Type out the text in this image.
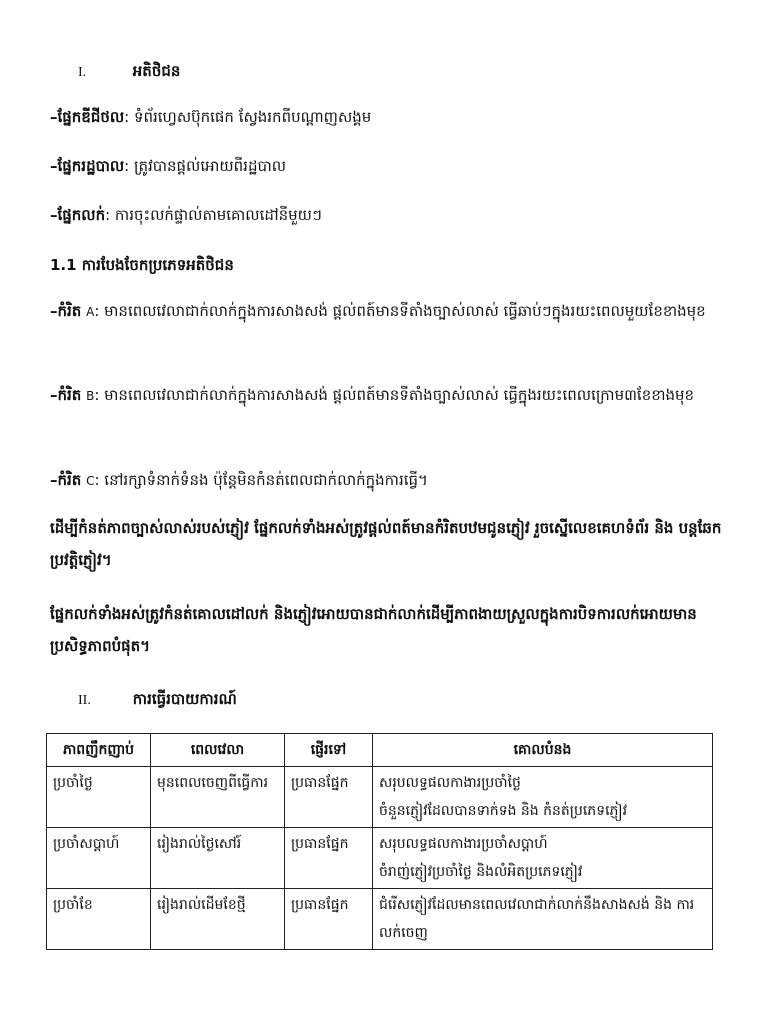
I.	អតិថិជន
–ផ្នែកឌីជីថល: ទំព័រហ្វេសប៊ុកផេក ស្វែងរកពីបណ្ដាញសង្គម
–ផ្នែករដ្ឋបាល: ត្រូវបានផ្ដល់អោយពីរដ្ឋបាល
–ផ្នែកលក់: ការចុះលក់ផ្ទាល់តាមគោលដៅនីមួយៗ
1.1 ការបែងចែកប្រភេទអតិថិជន
–កំរិត A: មានពេលវេលាជាក់លាក់ក្នុងការសាងសង់ ផ្ដល់ពត៍មានទីតាំងច្បាស់លាស់ ធ្វើឆាប់ៗក្នុងរយះពេលមួយខែខាងមុខ
–កំរិត B: មានពេលវេលាជាក់លាក់ក្នុងការសាងសង់ ផ្ដល់ពត៍មានទីតាំងច្បាស់លាស់ ធ្វើក្នុងរយះពេលក្រោម៣ខែខាងមុខ
–កំរិត C: នៅរក្សាទំនាក់ទំនង ប៉ុន្តែមិនកំនត់ពេលជាក់លាក់ក្នុងការធ្វើ។
ដើម្បីកំនត់ភាពច្បាស់លាស់របស់ភ្ញៀវ ផ្នែកលក់ទាំងអស់ត្រូវផ្ដល់ពត៍មានកំរិតបឋមជូនភ្ញៀវ រួចស្នើលេខគេហទំព័រ និង បន្តឆែកប្រវត្តិភ្ញៀវ។
ផ្នែកលក់ទាំងអស់ត្រូវកំនត់គោលដៅលក់ និងភ្ញៀវអោយបានជាក់លាក់ដើម្បីភាពងាយស្រួលក្នុងការបិទការលក់អោយមានប្រសិទ្ធភាពបំផុត។
II.	ការធ្វើរបាយការណ៍
ភាពញឹកញាប់	ពេលវេលា	ផ្ញើរទៅ	គោលបំនង
ប្រចាំថ្ងៃ	មុនពេលចេញពីធ្វើការ	ប្រធានផ្នែក	សរុបលទ្ធផលកាងារប្រចាំថ្ងៃ
ចំនួនភ្ញៀវដែលបានទាក់ទង និង កំនត់ប្រភេទភ្ញៀវ
ប្រចាំសប្ដាហ៍	រៀងរាល់ថ្ងៃសៅរ៍	ប្រធានផ្នែក	សរុបលទ្ធផលកាងារប្រចាំសប្ដាហ៍
ចំរាញ់ភ្ញៀវប្រចាំថ្ងៃ និងលំអិតប្រភេទភ្ញៀវ
ប្រចាំខែ	រៀងរាល់ដើមខែថ្មី	ប្រធានផ្នែក	ជំរើសភ្ញៀវដែលមានពេលវេលាជាក់លាក់នឹងសាងសង់ និង ការលក់ចេញ
